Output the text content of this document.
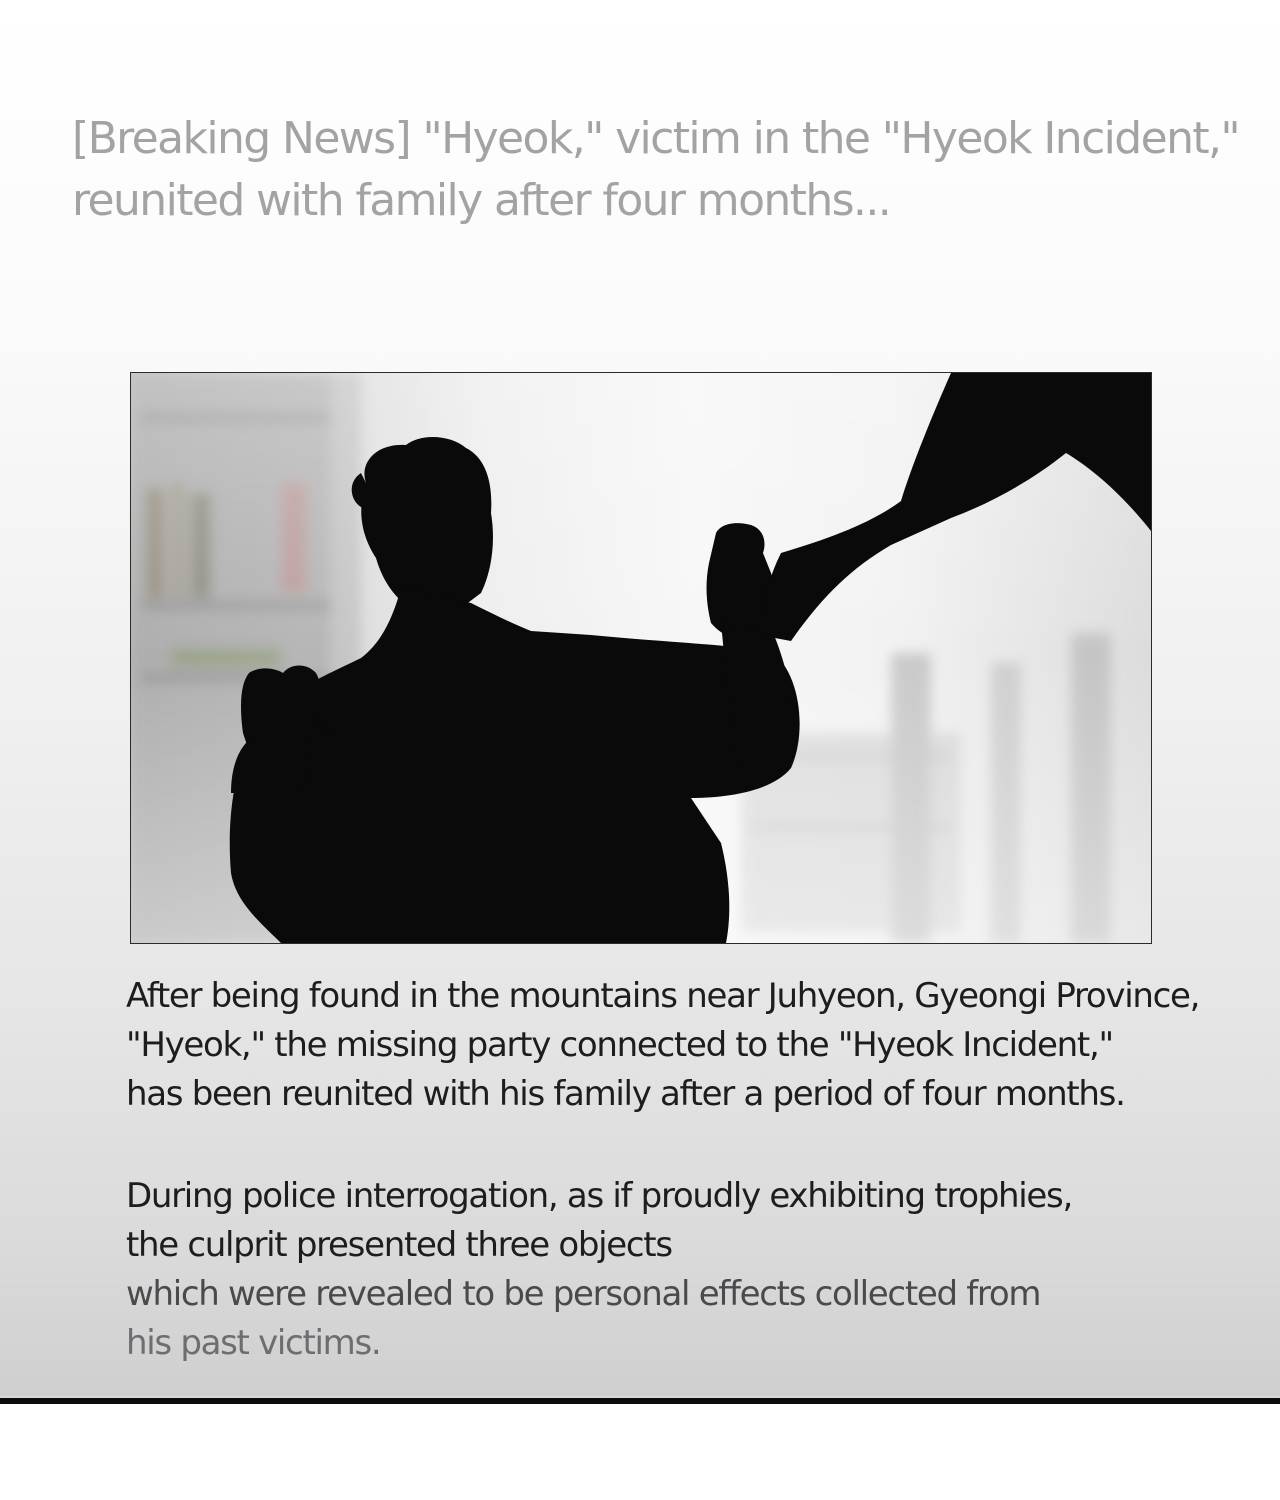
[Breaking News] "Hyeok," victim in the "Hyeok Incident,"
reunited with family after four months...

After being found in the mountains near Juhyeon, Gyeongi Province,
"Hyeok," the missing party connected to the "Hyeok Incident,"
has been reunited with his family after a period of four months.

During police interrogation, as if proudly exhibiting trophies,
the culprit presented three objects
which were revealed to be personal effects collected from
his past victims.
